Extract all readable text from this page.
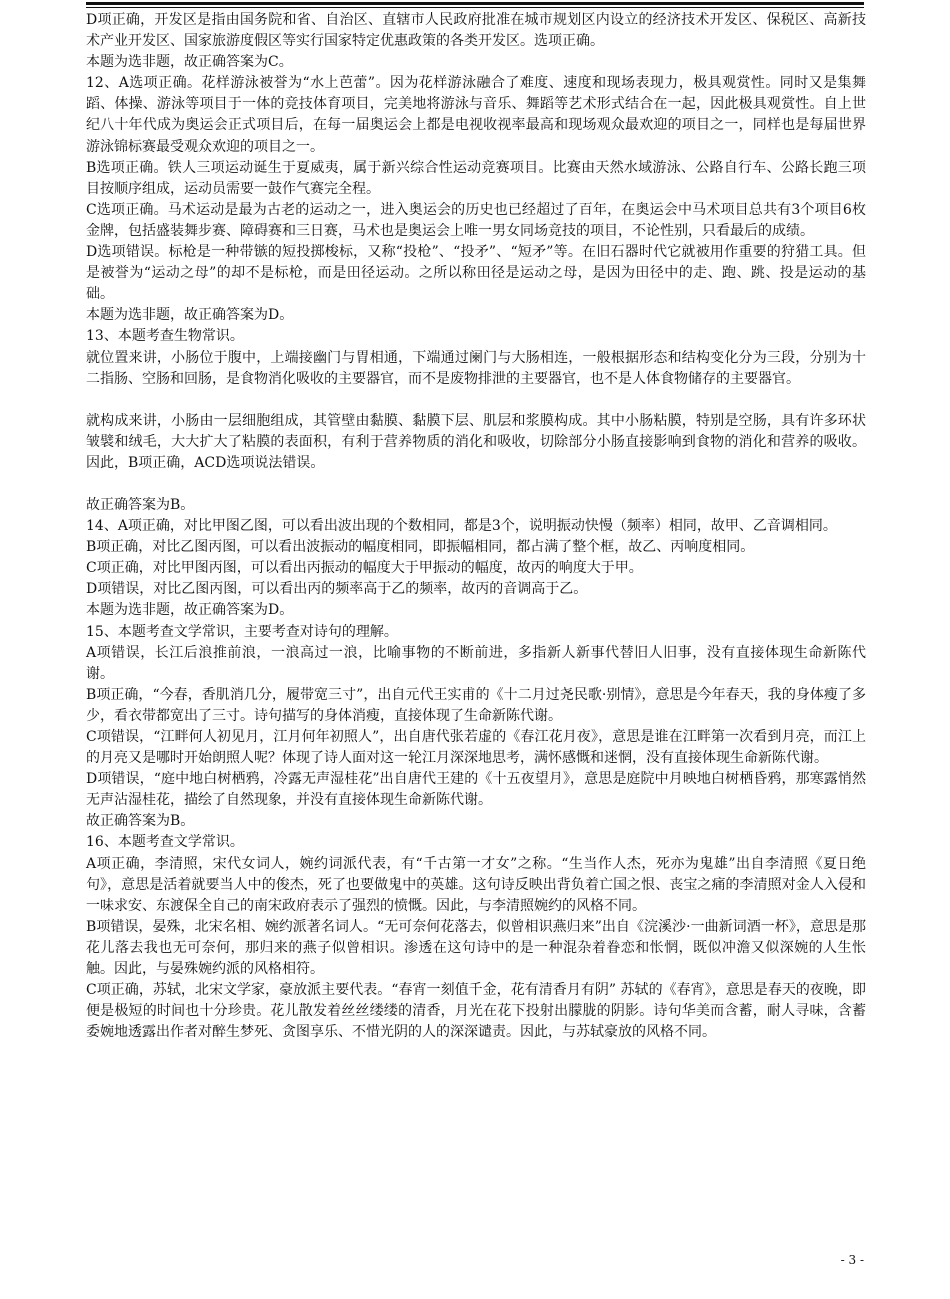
D项正确，开发区是指由国务院和省、自治区、直辖市人民政府批准在城市规划区内设立的经济技术开发区、保税区、高新技术产业开发区、国家旅游度假区等实行国家特定优惠政策的各类开发区。选项正确。

本题为选非题，故正确答案为C。

12、A选项正确。花样游泳被誉为“水上芭蕾”。因为花样游泳融合了难度、速度和现场表现力，极具观赏性。同时又是集舞蹈、体操、游泳等项目于一体的竞技体育项目，完美地将游泳与音乐、舞蹈等艺术形式结合在一起，因此极具观赏性。自上世纪八十年代成为奥运会正式项目后，在每一届奥运会上都是电视收视率最高和现场观众最欢迎的项目之一，同样也是每届世界游泳锦标赛最受观众欢迎的项目之一。

B选项正确。铁人三项运动诞生于夏威夷，属于新兴综合性运动竞赛项目。比赛由天然水域游泳、公路自行车、公路长跑三项目按顺序组成，运动员需要一鼓作气赛完全程。

C选项正确。马术运动是最为古老的运动之一，进入奥运会的历史也已经超过了百年，在奥运会中马术项目总共有3个项目6枚金牌，包括盛装舞步赛、障碍赛和三日赛，马术也是奥运会上唯一男女同场竞技的项目，不论性别，只看最后的成绩。

D选项错误。标枪是一种带镞的短投掷梭标，又称“投枪”、“投矛”、“短矛”等。在旧石器时代它就被用作重要的狩猎工具。但是被誉为“运动之母”的却不是标枪，而是田径运动。之所以称田径是运动之母，是因为田径中的走、跑、跳、投是运动的基础。

本题为选非题，故正确答案为D。

13、本题考查生物常识。

就位置来讲，小肠位于腹中，上端接幽门与胃相通，下端通过阑门与大肠相连，一般根据形态和结构变化分为三段，分别为十二指肠、空肠和回肠，是食物消化吸收的主要器官，而不是废物排泄的主要器官，也不是人体食物储存的主要器官。

就构成来讲，小肠由一层细胞组成，其管壁由黏膜、黏膜下层、肌层和浆膜构成。其中小肠粘膜，特别是空肠，具有许多环状皱襞和绒毛，大大扩大了粘膜的表面积，有利于营养物质的消化和吸收，切除部分小肠直接影响到食物的消化和营养的吸收。因此，B项正确，ACD选项说法错误。

故正确答案为B。

14、A项正确，对比甲图乙图，可以看出波出现的个数相同，都是3个，说明振动快慢（频率）相同，故甲、乙音调相同。

B项正确，对比乙图丙图，可以看出波振动的幅度相同，即振幅相同，都占满了整个框，故乙、丙响度相同。

C项正确，对比甲图丙图，可以看出丙振动的幅度大于甲振动的幅度，故丙的响度大于甲。

D项错误，对比乙图丙图，可以看出丙的频率高于乙的频率，故丙的音调高于乙。

本题为选非题，故正确答案为D。

15、本题考查文学常识，主要考查对诗句的理解。

A项错误，长江后浪推前浪，一浪高过一浪，比喻事物的不断前进，多指新人新事代替旧人旧事，没有直接体现生命新陈代谢。

B项正确，“今春，香肌消几分，履带宽三寸”，出自元代王实甫的《十二月过尧民歌·别情》，意思是今年春天，我的身体瘦了多少，看衣带都宽出了三寸。诗句描写的身体消瘦，直接体现了生命新陈代谢。

C项错误，“江畔何人初见月，江月何年初照人”，出自唐代张若虚的《春江花月夜》，意思是谁在江畔第一次看到月亮，而江上的月亮又是哪时开始朗照人呢？体现了诗人面对这一轮江月深深地思考，满怀感慨和迷惘，没有直接体现生命新陈代谢。

D项错误，“庭中地白树栖鸦，冷露无声湿桂花”出自唐代王建的《十五夜望月》，意思是庭院中月映地白树栖昏鸦，那寒露悄然无声沾湿桂花，描绘了自然现象，并没有直接体现生命新陈代谢。

故正确答案为B。

16、本题考查文学常识。

A项正确，李清照，宋代女词人，婉约词派代表，有“千古第一才女”之称。“生当作人杰，死亦为鬼雄”出自李清照《夏日绝句》，意思是活着就要当人中的俊杰，死了也要做鬼中的英雄。这句诗反映出背负着亡国之恨、丧宝之痛的李清照对金人入侵和一味求安、东渡保全自己的南宋政府表示了强烈的愤慨。因此，与李清照婉约的风格不同。

B项错误，晏殊，北宋名相、婉约派著名词人。“无可奈何花落去，似曾相识燕归来”出自《浣溪沙·一曲新词酒一杯》，意思是那花儿落去我也无可奈何，那归来的燕子似曾相识。渗透在这句诗中的是一种混杂着眷恋和怅惘，既似冲澹又似深婉的人生怅触。因此，与晏殊婉约派的风格相符。

C项正确，苏轼，北宋文学家，豪放派主要代表。“春宵一刻值千金，花有清香月有阴” 苏轼的《春宵》，意思是春天的夜晚，即便是极短的时间也十分珍贵。花儿散发着丝丝缕缕的清香，月光在花下投射出朦胧的阴影。诗句华美而含蓄，耐人寻味，含蓄委婉地透露出作者对醉生梦死、贪图享乐、不惜光阴的人的深深谴责。因此，与苏轼豪放的风格不同。

- 3 -
